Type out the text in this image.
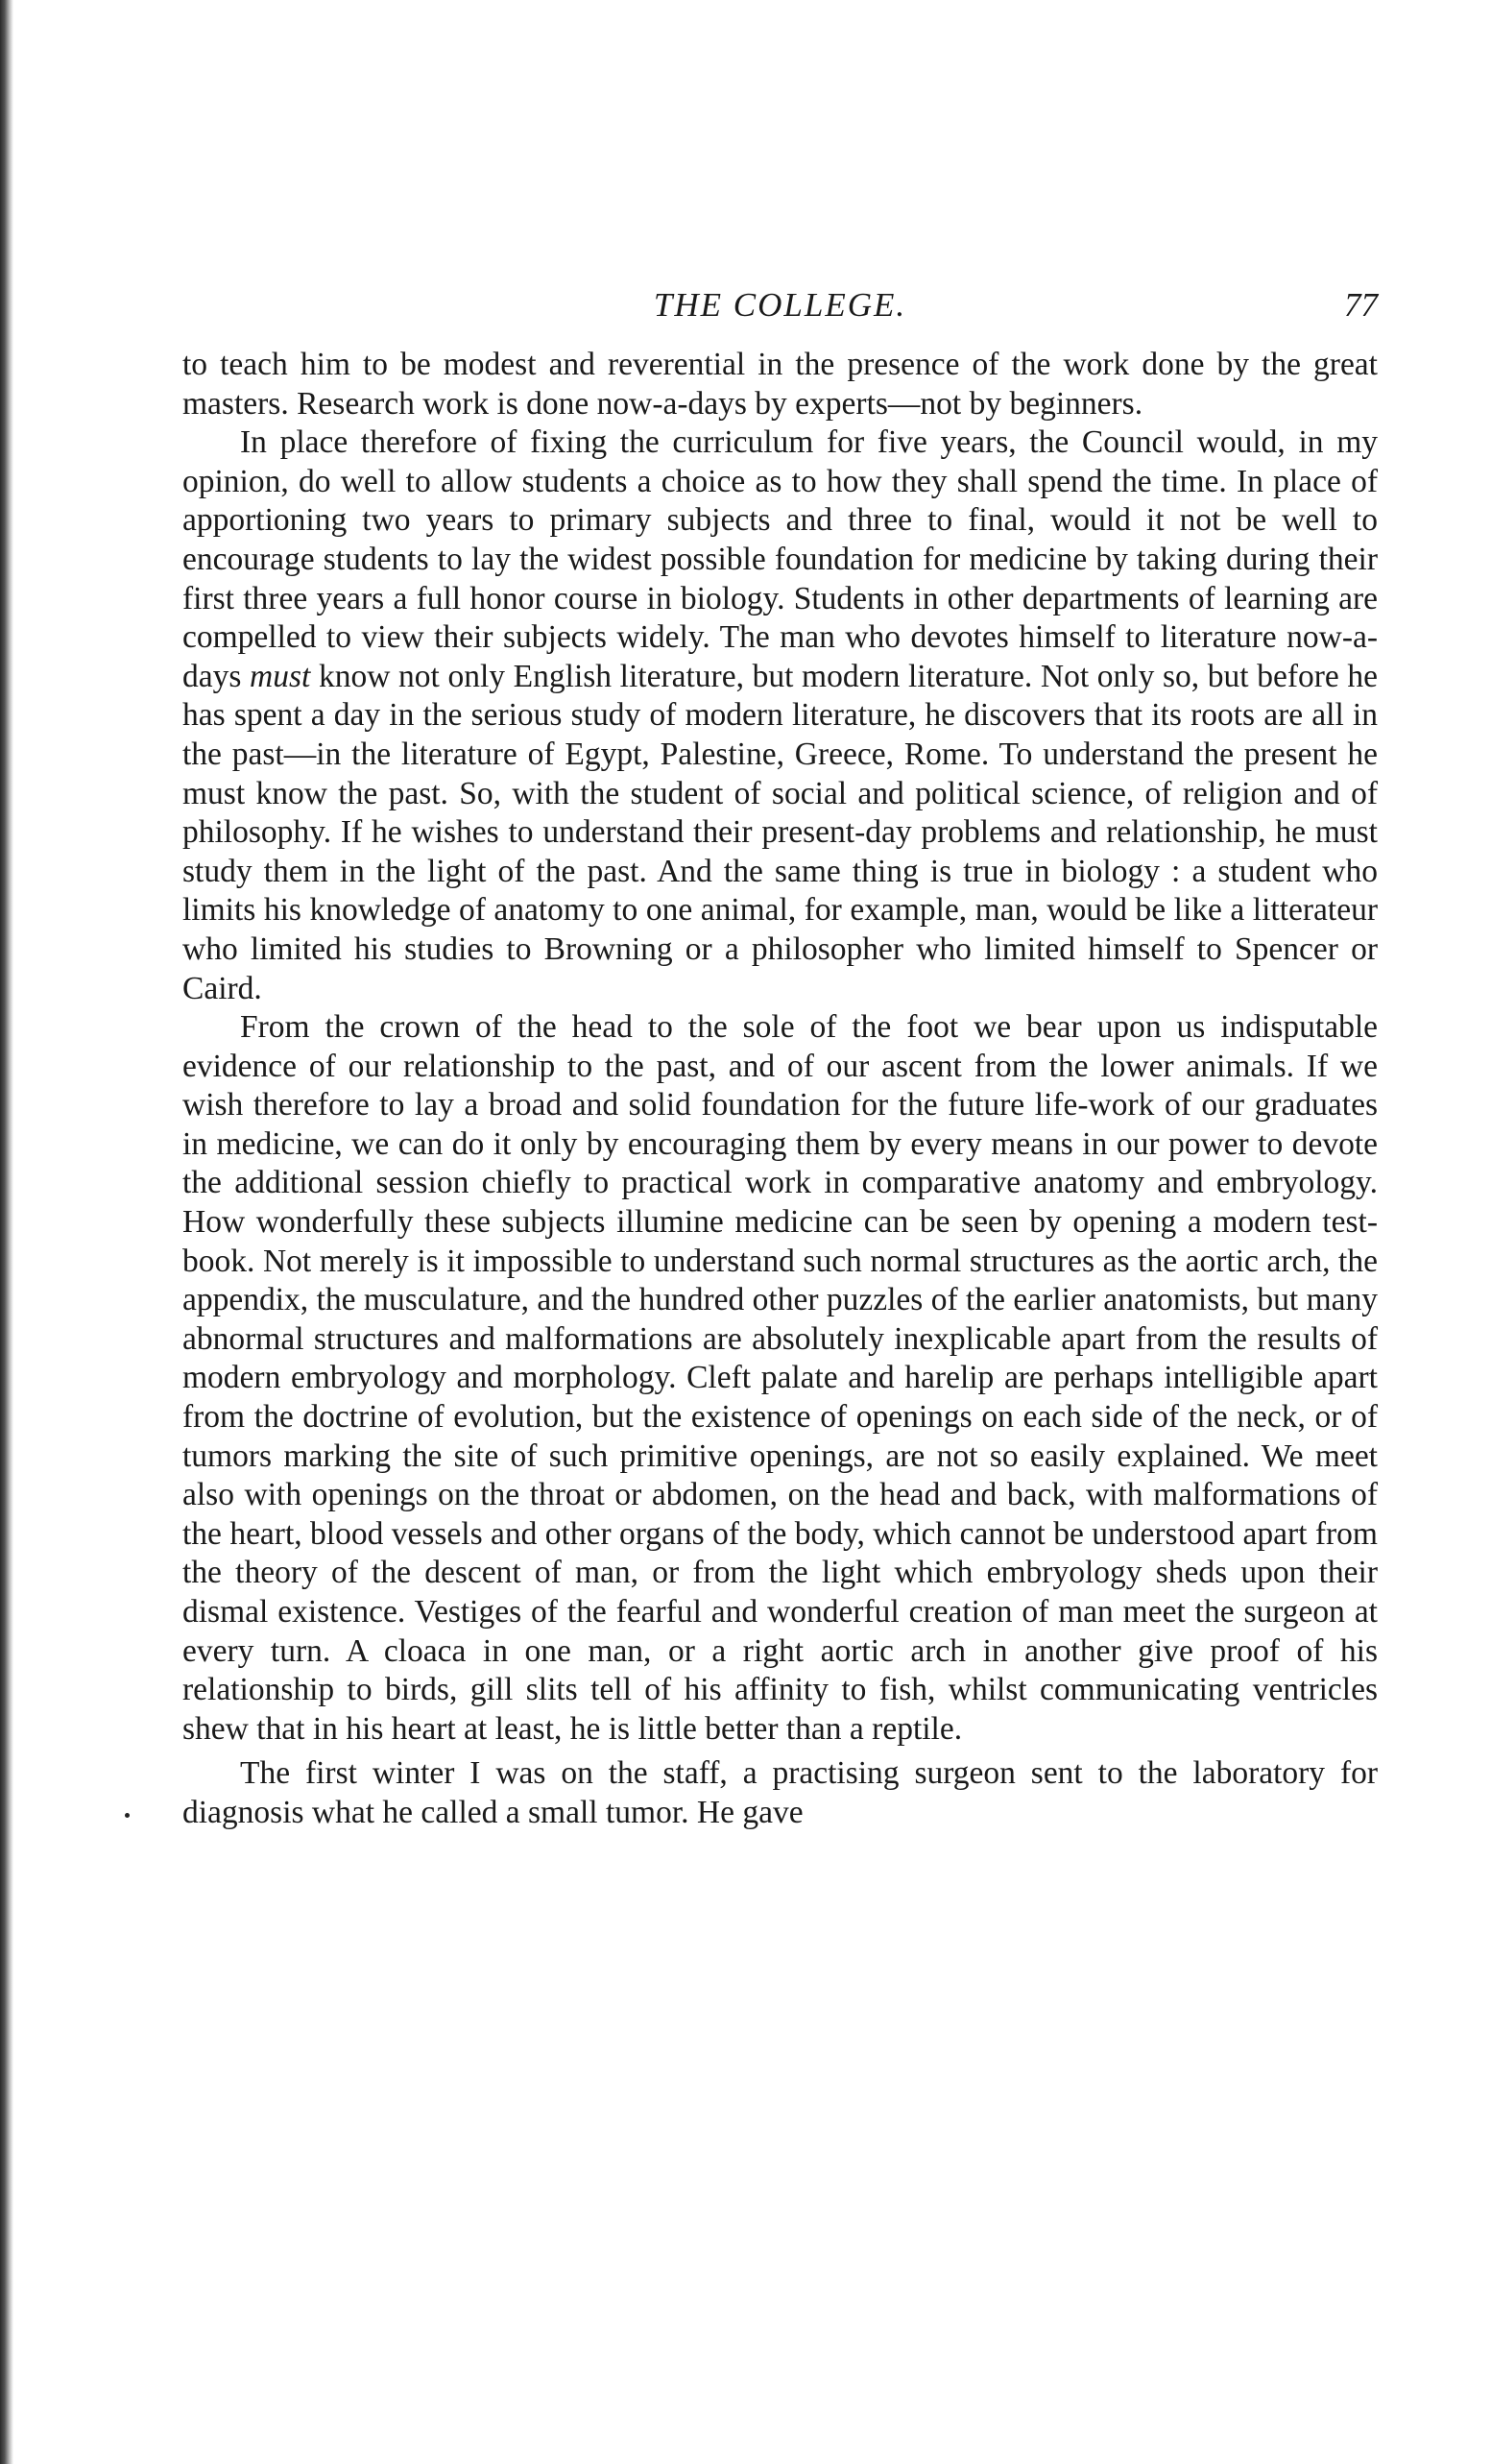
THE COLLEGE.	77

to teach him to be modest and reverential in the presence of the work done by the great masters. Research work is done now-a-days by experts—not by beginners.

In place therefore of fixing the curriculum for five years, the Council would, in my opinion, do well to allow students a choice as to how they shall spend the time. In place of apportioning two years to primary subjects and three to final, would it not be well to encourage students to lay the widest possible foundation for medicine by taking during their first three years a full honor course in biology. Students in other departments of learning are compelled to view their subjects widely. The man who devotes himself to literature now-a-days must know not only English literature, but modern literature. Not only so, but before he has spent a day in the serious study of modern literature, he discovers that its roots are all in the past—in the literature of Egypt, Palestine, Greece, Rome. To understand the present he must know the past. So, with the student of social and political science, of religion and of philosophy. If he wishes to understand their present-day problems and relationship, he must study them in the light of the past. And the same thing is true in biology : a student who limits his knowledge of anatomy to one animal, for example, man, would be like a litterateur who limited his studies to Browning or a philosopher who limited himself to Spencer or Caird.

From the crown of the head to the sole of the foot we bear upon us indisputable evidence of our relationship to the past, and of our ascent from the lower animals. If we wish therefore to lay a broad and solid foundation for the future life-work of our graduates in medicine, we can do it only by encouraging them by every means in our power to devote the additional session chiefly to practical work in comparative anatomy and embryology. How wonderfully these subjects illumine medicine can be seen by opening a modern test-book. Not merely is it impossible to understand such normal structures as the aortic arch, the appendix, the musculature, and the hundred other puzzles of the earlier anatomists, but many abnormal structures and malformations are absolutely inexplicable apart from the results of modern embryology and morphology. Cleft palate and harelip are perhaps intelligible apart from the doctrine of evolution, but the existence of openings on each side of the neck, or of tumors marking the site of such primitive openings, are not so easily explained. We meet also with openings on the throat or abdomen, on the head and back, with malformations of the heart, blood vessels and other organs of the body, which cannot be understood apart from the theory of the descent of man, or from the light which embryology sheds upon their dismal existence. Vestiges of the fearful and wonderful creation of man meet the surgeon at every turn. A cloaca in one man, or a right aortic arch in another give proof of his relationship to birds, gill slits tell of his affinity to fish, whilst communicating ventricles shew that in his heart at least, he is little better than a reptile.

The first winter I was on the staff, a practising surgeon sent to the laboratory for diagnosis what he called a small tumor. He gave
